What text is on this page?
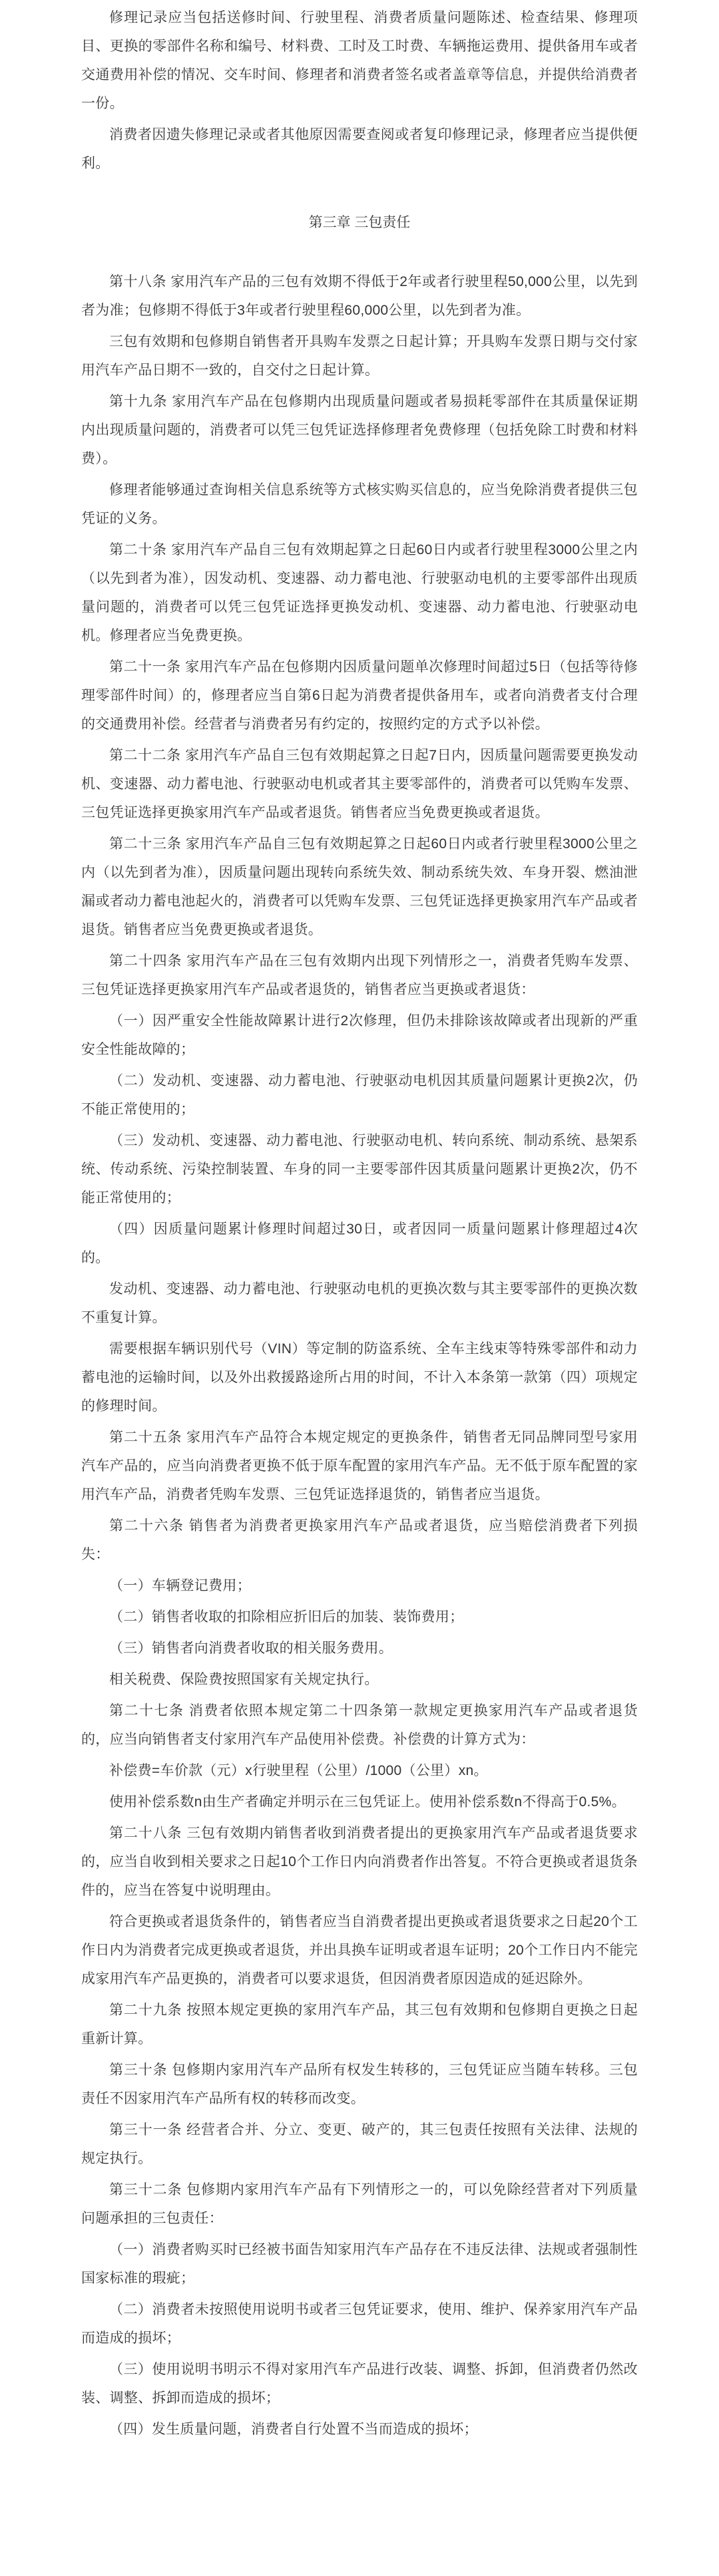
修理记录应当包括送修时间、行驶里程、消费者质量问题陈述、检查结果、修理项目、更换的零部件名称和编号、材料费、工时及工时费、车辆拖运费用、提供备用车或者交通费用补偿的情况、交车时间、修理者和消费者签名或者盖章等信息，并提供给消费者一份。

消费者因遗失修理记录或者其他原因需要查阅或者复印修理记录，修理者应当提供便利。

第三章 三包责任

第十八条 家用汽车产品的三包有效期不得低于2年或者行驶里程50,000公里，以先到者为准；包修期不得低于3年或者行驶里程60,000公里，以先到者为准。

三包有效期和包修期自销售者开具购车发票之日起计算；开具购车发票日期与交付家用汽车产品日期不一致的，自交付之日起计算。

第十九条 家用汽车产品在包修期内出现质量问题或者易损耗零部件在其质量保证期内出现质量问题的，消费者可以凭三包凭证选择修理者免费修理（包括免除工时费和材料费）。

修理者能够通过查询相关信息系统等方式核实购买信息的，应当免除消费者提供三包凭证的义务。

第二十条 家用汽车产品自三包有效期起算之日起60日内或者行驶里程3000公里之内（以先到者为准），因发动机、变速器、动力蓄电池、行驶驱动电机的主要零部件出现质量问题的，消费者可以凭三包凭证选择更换发动机、变速器、动力蓄电池、行驶驱动电机。修理者应当免费更换。

第二十一条 家用汽车产品在包修期内因质量问题单次修理时间超过5日（包括等待修理零部件时间）的，修理者应当自第6日起为消费者提供备用车，或者向消费者支付合理的交通费用补偿。经营者与消费者另有约定的，按照约定的方式予以补偿。

第二十二条 家用汽车产品自三包有效期起算之日起7日内，因质量问题需要更换发动机、变速器、动力蓄电池、行驶驱动电机或者其主要零部件的，消费者可以凭购车发票、三包凭证选择更换家用汽车产品或者退货。销售者应当免费更换或者退货。

第二十三条 家用汽车产品自三包有效期起算之日起60日内或者行驶里程3000公里之内（以先到者为准），因质量问题出现转向系统失效、制动系统失效、车身开裂、燃油泄漏或者动力蓄电池起火的，消费者可以凭购车发票、三包凭证选择更换家用汽车产品或者退货。销售者应当免费更换或者退货。

第二十四条 家用汽车产品在三包有效期内出现下列情形之一，消费者凭购车发票、三包凭证选择更换家用汽车产品或者退货的，销售者应当更换或者退货：

（一）因严重安全性能故障累计进行2次修理，但仍未排除该故障或者出现新的严重安全性能故障的；

（二）发动机、变速器、动力蓄电池、行驶驱动电机因其质量问题累计更换2次，仍不能正常使用的；

（三）发动机、变速器、动力蓄电池、行驶驱动电机、转向系统、制动系统、悬架系统、传动系统、污染控制装置、车身的同一主要零部件因其质量问题累计更换2次，仍不能正常使用的；

（四）因质量问题累计修理时间超过30日，或者因同一质量问题累计修理超过4次的。

发动机、变速器、动力蓄电池、行驶驱动电机的更换次数与其主要零部件的更换次数不重复计算。

需要根据车辆识别代号（VIN）等定制的防盗系统、全车主线束等特殊零部件和动力蓄电池的运输时间，以及外出救援路途所占用的时间，不计入本条第一款第（四）项规定的修理时间。

第二十五条 家用汽车产品符合本规定规定的更换条件，销售者无同品牌同型号家用汽车产品的，应当向消费者更换不低于原车配置的家用汽车产品。无不低于原车配置的家用汽车产品，消费者凭购车发票、三包凭证选择退货的，销售者应当退货。

第二十六条 销售者为消费者更换家用汽车产品或者退货，应当赔偿消费者下列损失：

（一）车辆登记费用；

（二）销售者收取的扣除相应折旧后的加装、装饰费用；

（三）销售者向消费者收取的相关服务费用。

相关税费、保险费按照国家有关规定执行。

第二十七条 消费者依照本规定第二十四条第一款规定更换家用汽车产品或者退货的，应当向销售者支付家用汽车产品使用补偿费。补偿费的计算方式为：

补偿费=车价款（元）x行驶里程（公里）/1000（公里）xn。

使用补偿系数n由生产者确定并明示在三包凭证上。使用补偿系数n不得高于0.5%。

第二十八条 三包有效期内销售者收到消费者提出的更换家用汽车产品或者退货要求的，应当自收到相关要求之日起10个工作日内向消费者作出答复。不符合更换或者退货条件的，应当在答复中说明理由。

符合更换或者退货条件的，销售者应当自消费者提出更换或者退货要求之日起20个工作日内为消费者完成更换或者退货，并出具换车证明或者退车证明；20个工作日内不能完成家用汽车产品更换的，消费者可以要求退货，但因消费者原因造成的延迟除外。

第二十九条 按照本规定更换的家用汽车产品，其三包有效期和包修期自更换之日起重新计算。

第三十条 包修期内家用汽车产品所有权发生转移的，三包凭证应当随车转移。三包责任不因家用汽车产品所有权的转移而改变。

第三十一条 经营者合并、分立、变更、破产的，其三包责任按照有关法律、法规的规定执行。

第三十二条 包修期内家用汽车产品有下列情形之一的，可以免除经营者对下列质量问题承担的三包责任：

（一）消费者购买时已经被书面告知家用汽车产品存在不违反法律、法规或者强制性国家标准的瑕疵；

（二）消费者未按照使用说明书或者三包凭证要求，使用、维护、保养家用汽车产品而造成的损坏；

（三）使用说明书明示不得对家用汽车产品进行改装、调整、拆卸，但消费者仍然改装、调整、拆卸而造成的损坏；

（四）发生质量问题，消费者自行处置不当而造成的损坏；
